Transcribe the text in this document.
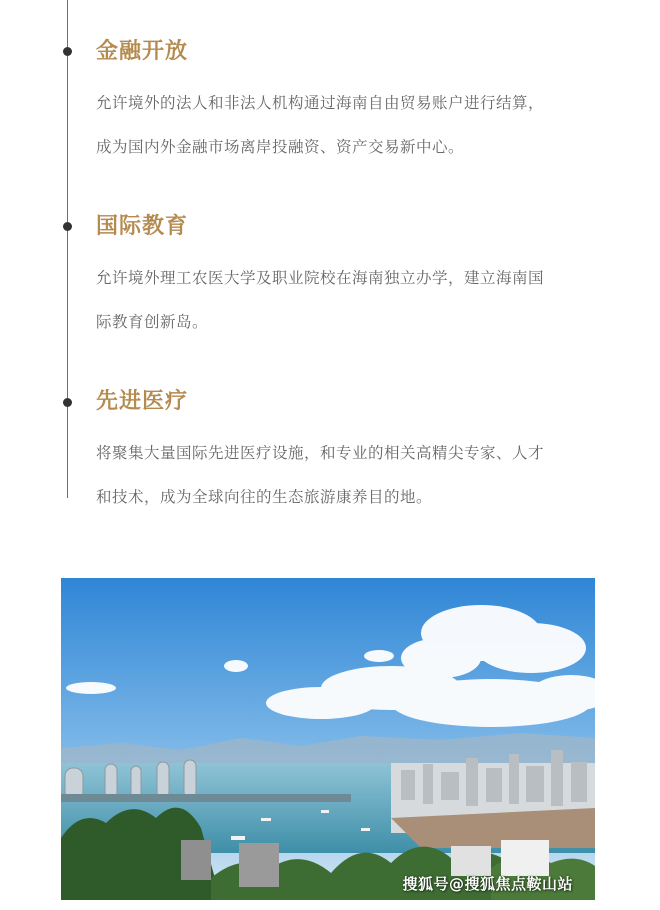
金融开放

允许境外的法人和非法人机构通过海南自由贸易账户进行结算，
成为国内外金融市场离岸投融资、资产交易新中心。

国际教育

允许境外理工农医大学及职业院校在海南独立办学，建立海南国
际教育创新岛。

先进医疗

将聚集大量国际先进医疗设施，和专业的相关高精尖专家、人才
和技术，成为全球向往的生态旅游康养目的地。

搜狐号@搜狐焦点鞍山站
